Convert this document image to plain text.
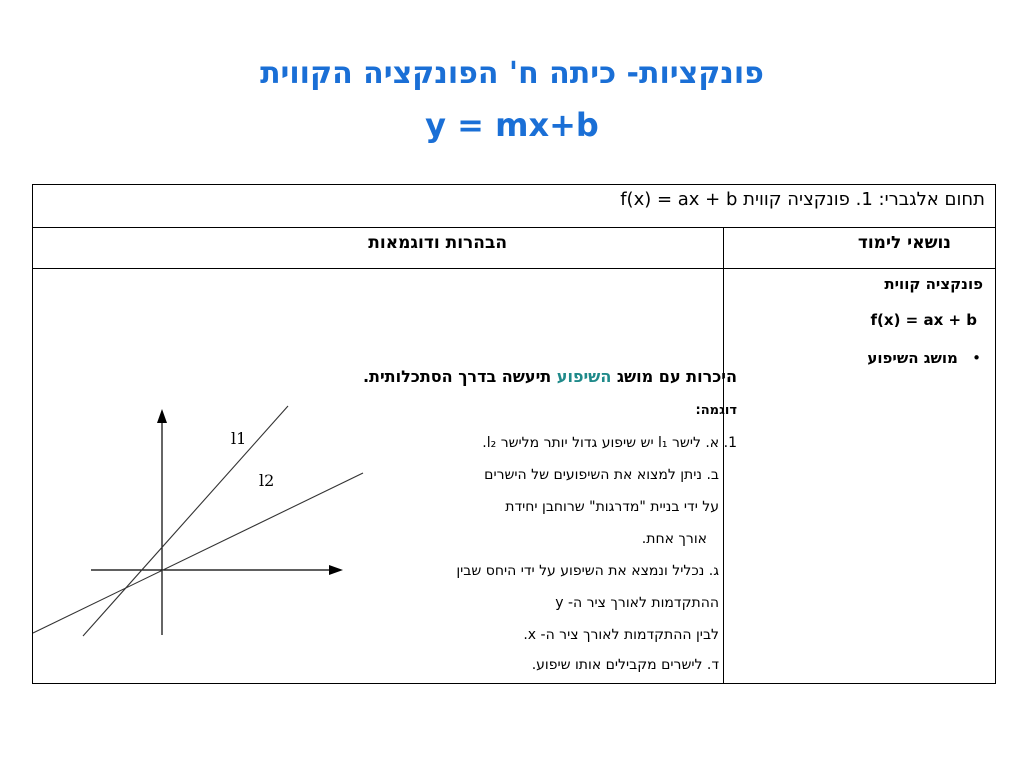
פונקציות- כיתה ח' הפונקציה הקווית
y = mx+b
תחום אלגברי: 1. פונקציה קווית f(x) = ax + b
נושאי לימוד
הבהרות ודוגמאות
פונקציה קווית
f(x) = ax + b
•   מושג השיפוע
היכרות עם מושג השיפוע תיעשה בדרך הסתכלותית.
דוגמה:
1. א. לישר l₁ יש שיפוע גדול יותר מלישר l₂.
ב. ניתן למצוא את השיפועים של הישרים
על ידי בניית "מדרגות" שרוחבן יחידת
אורך אחת.
ג. נכליל ונמצא את השיפוע על ידי היחס שבין
ההתקדמות לאורך ציר ה- y
לבין ההתקדמות לאורך ציר ה- x.
ד. לישרים מקבילים אותו שיפוע.
l1
l2
